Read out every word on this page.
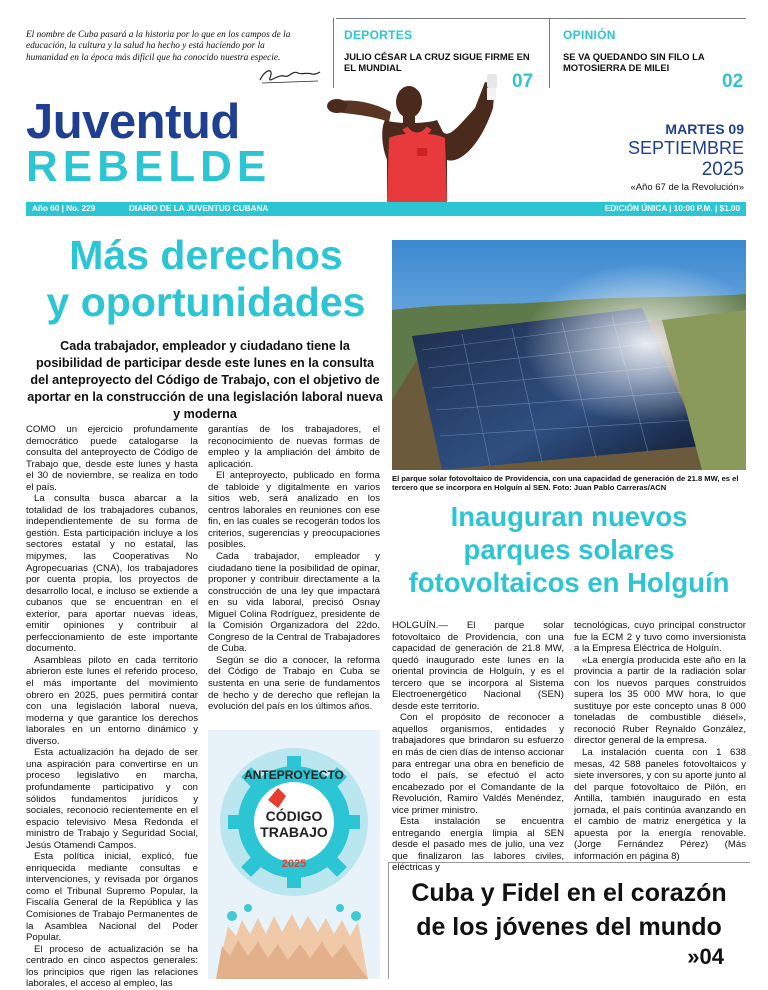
El nombre de Cuba pasará a la historia por lo que en los campos de la educación, la cultura y la salud ha hecho y está haciendo por la humanidad en la época más difícil que ha conocido nuestra especie.
DEPORTES
JULIO CÉSAR LA CRUZ SIGUE FIRME EN EL MUNDIAL
07
OPINIÓN
SE VA QUEDANDO SIN FILO LA MOTOSIERRA DE MILEI
02
Juventud
REBELDE
MARTES 09
SEPTIEMBRE
2025
«Año 67 de la Revolución»
Año 60 | No. 229	DIARIO DE LA JUVENTUD CUBANA	EDICIÓN ÚNICA | 10:00 P.M. | $1.00
Más derechos
y oportunidades
Cada trabajador, empleador y ciudadano tiene la posibilidad de participar desde este lunes en la consulta del anteproyecto del Código de Trabajo, con el objetivo de aportar en la construcción de una legislación laboral nueva y moderna

COMO un ejercicio profundamente democrático puede catalogarse la consulta del anteproyecto de Código de Trabajo que, desde este lunes y hasta el 30 de noviembre, se realiza en todo el país.

La consulta busca abarcar a la totalidad de los trabajadores cubanos, independientemente de su forma de gestión. Esta participación incluye a los sectores estatal y no estatal, las mipymes, las Cooperativas No Agropecuarias (CNA), los trabajadores por cuenta propia, los proyectos de desarrollo local, e incluso se extiende a cubanos que se encuentran en el exterior, para aportar nuevas ideas, emitir opiniones y contribuir al perfeccionamiento de este importante documento.

Asambleas piloto en cada territorio abrieron este lunes el referido proceso, el más importante del movimiento obrero en 2025, pues permitirá contar con una legislación laboral nueva, moderna y que garantice los derechos laborales en un entorno dinámico y diverso.

Esta actualización ha dejado de ser una aspiración para convertirse en un proceso legislativo en marcha, profundamente participativo y con sólidos fundamentos jurídicos y sociales, reconoció recientemente en el espacio televisivo Mesa Redonda el ministro de Trabajo y Seguridad Social, Jesús Otamendi Campos.

Esta política inicial, explicó, fue enriquecida mediante consultas e intervenciones, y revisada por órganos como el Tribunal Supremo Popular, la Fiscalía General de la República y las Comisiones de Trabajo Permanentes de la Asamblea Nacional del Poder Popular.

El proceso de actualización se ha centrado en cinco aspectos generales: los principios que rigen las relaciones laborales, el acceso al empleo, las

garantías de los trabajadores, el reconocimiento de nuevas formas de empleo y la ampliación del ámbito de aplicación.

El anteproyecto, publicado en forma de tabloide y digitalmente en varios sitios web, será analizado en los centros laborales en reuniones con ese fin, en las cuales se recogerán todos los criterios, sugerencias y preocupaciones posibles.

Cada trabajador, empleador y ciudadano tiene la posibilidad de opinar, proponer y contribuir directamente a la construcción de una ley que impactará en su vida laboral, precisó Osnay Miguel Colina Rodríguez, presidente de la Comisión Organizadora del 22do. Congreso de la Central de Trabajadores de Cuba.

Según se dio a conocer, la reforma del Código de Trabajo en Cuba se sustenta en una serie de fundamentos de hecho y de derecho que reflejan la evolución del país en los últimos años.

ANTEPROYECTO
CÓDIGO
TRABAJO
2025
El parque solar fotovoltaico de Providencia, con una capacidad de generación de 21.8 MW, es el tercero que se incorpora en Holguín al SEN. Foto: Juan Pablo Carreras/ACN
Inauguran nuevos
parques solares
fotovoltaicos en Holguín

HOLGUÍN.— El parque solar fotovoltaico de Providencia, con una capacidad de generación de 21.8 MW, quedó inaugurado este lunes en la oriental provincia de Holguín, y es el tercero que se incorpora al Sistema Electroenergético Nacional (SEN) desde este territorio.

Con el propósito de reconocer a aquellos organismos, entidades y trabajadores que brindaron su esfuerzo en más de cien días de intenso accionar para entregar una obra en beneficio de todo el país, se efectuó el acto encabezado por el Comandante de la Revolución, Ramiro Valdés Menéndez, vice primer ministro.

Esta instalación se encuentra entregando energía limpia al SEN desde el pasado mes de julio, una vez que finalizaron las labores civiles, eléctricas y

tecnológicas, cuyo principal constructor fue la ECM 2 y tuvo como inversionista a la Empresa Eléctrica de Holguín.

«La energía producida este año en la provincia a partir de la radiación solar con los nuevos parques construidos supera los 35 000 MW hora, lo que sustituye por este concepto unas 8 000 toneladas de combustible diésel», reconoció Ruber Reynaldo González, director general de la empresa.

La instalación cuenta con 1 638 mesas, 42 588 paneles fotovoltaicos y siete inversores, y con su aporte junto al del parque fotovoltaico de Pilón, en Antilla, también inaugurado en esta jornada, el país continúa avanzando en el cambio de matriz energética y la apuesta por la energía renovable. (Jorge Fernández Pérez) (Más información en página 8)

Cuba y Fidel en el corazón
de los jóvenes del mundo
»04
